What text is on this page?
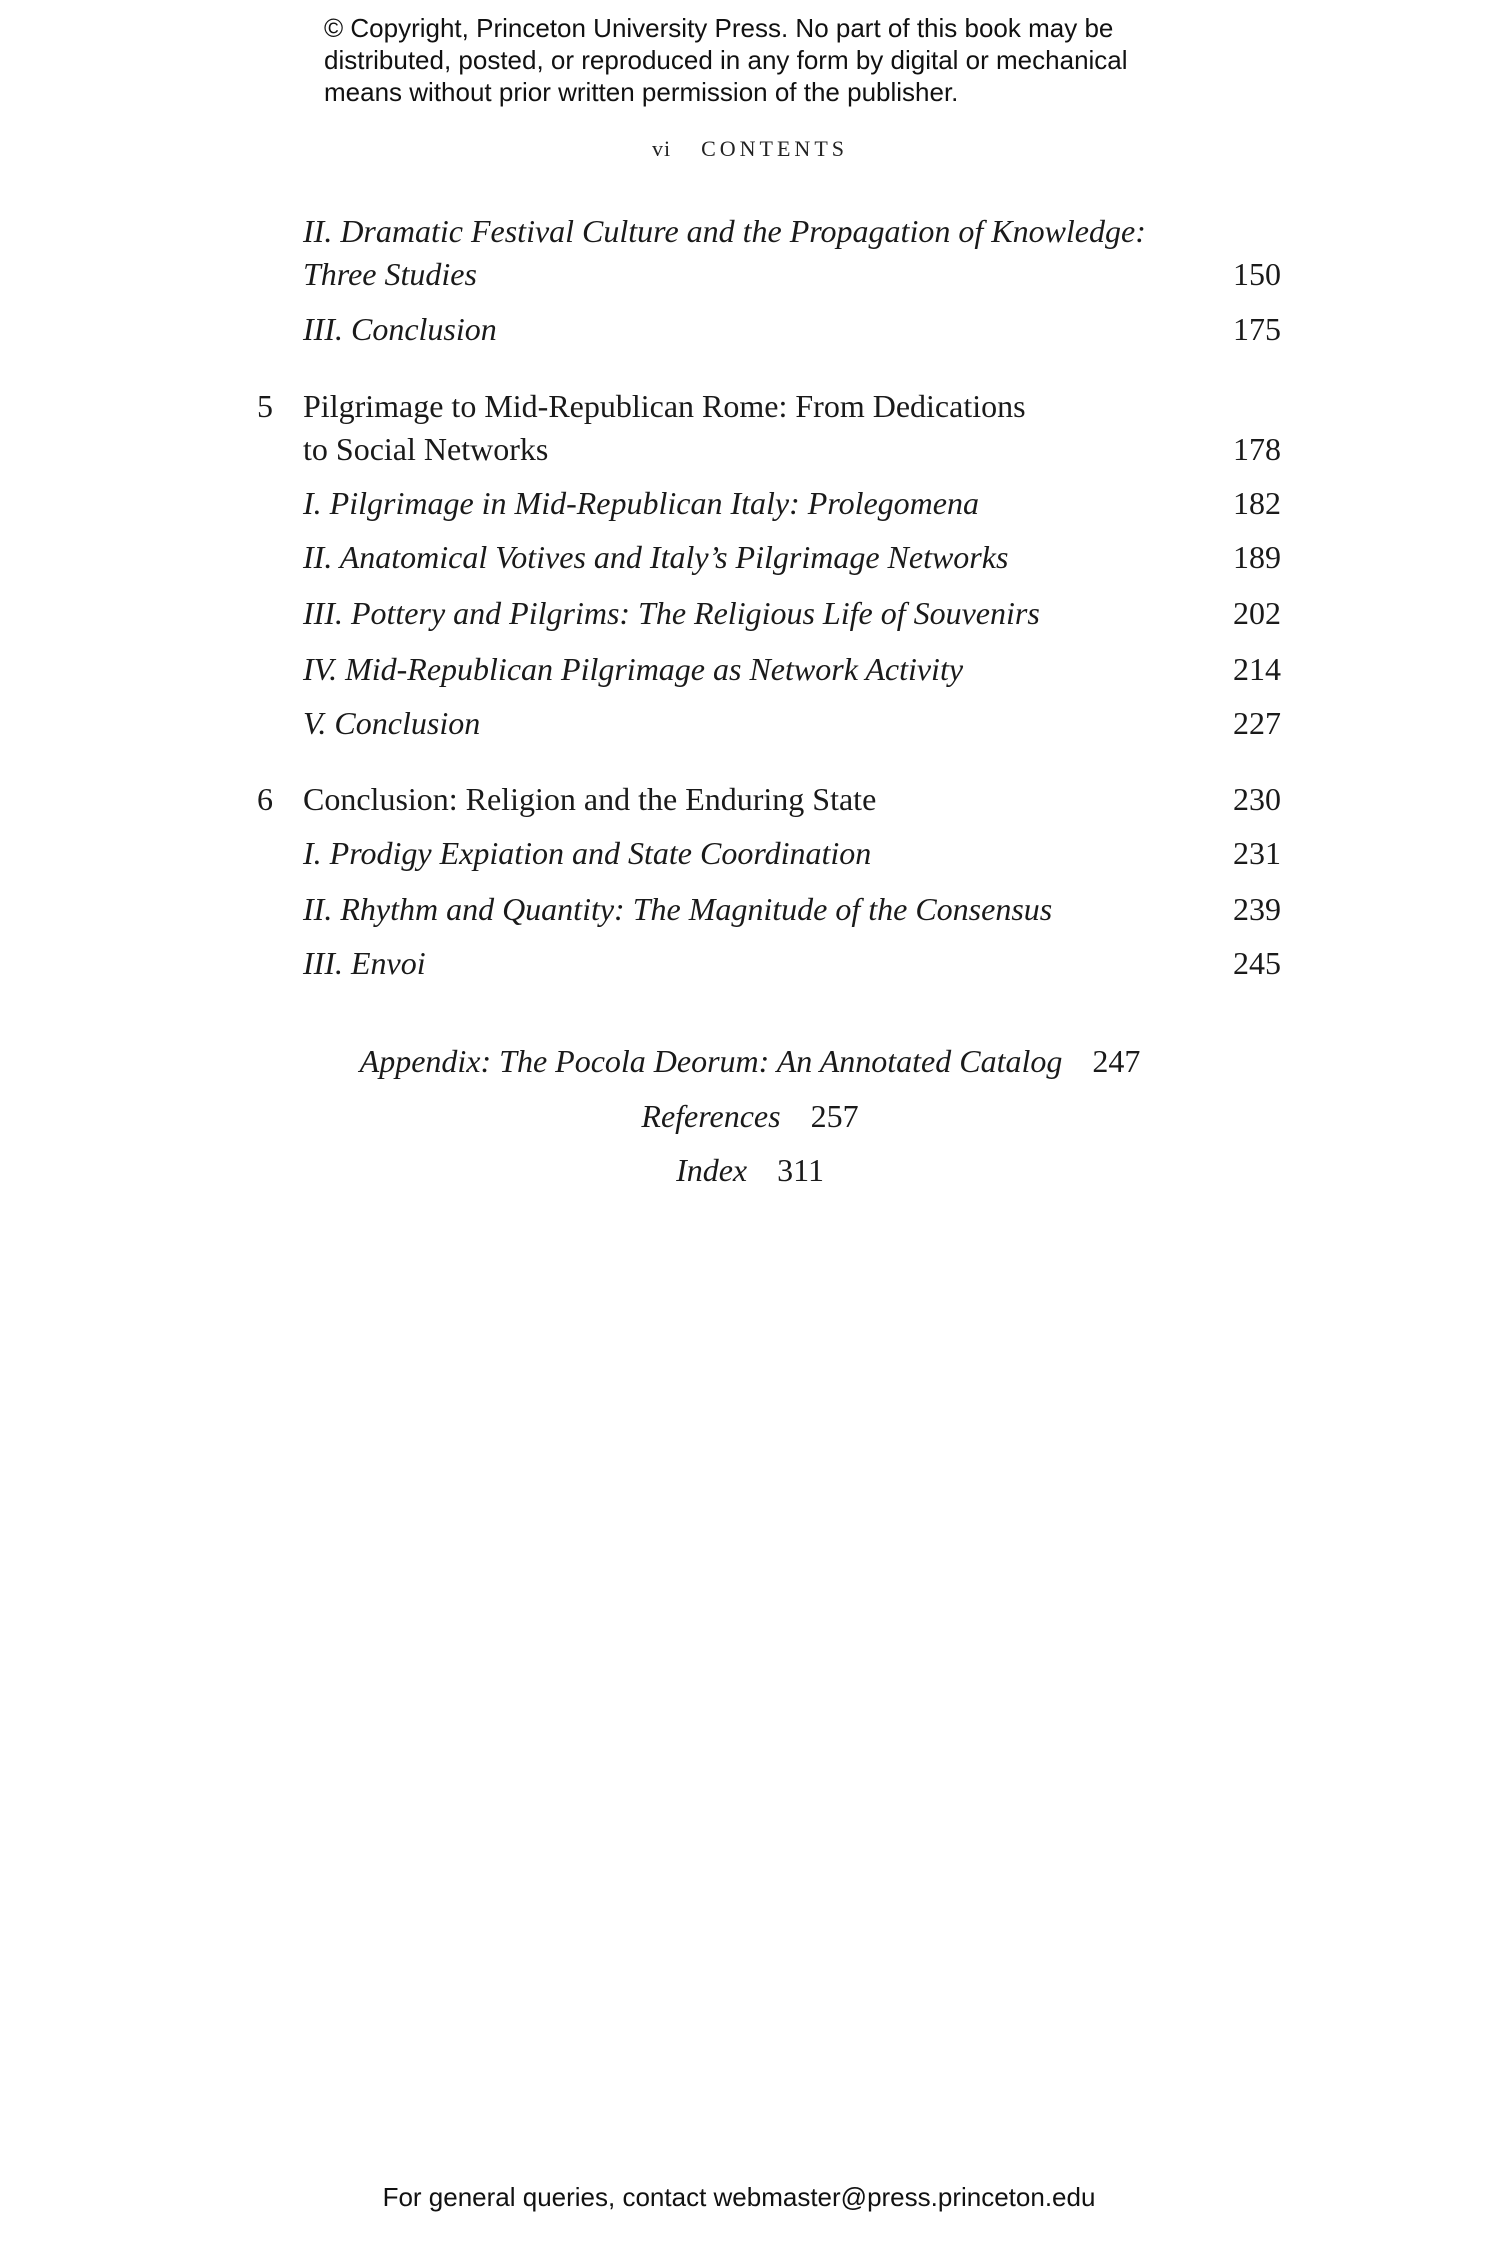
© Copyright, Princeton University Press. No part of this book may be
distributed, posted, or reproduced in any form by digital or mechanical
means without prior written permission of the publisher.
vi CONTENTS
II. Dramatic Festival Culture and the Propagation of Knowledge:
Three Studies	150
III. Conclusion	175
5 Pilgrimage to Mid-Republican Rome: From Dedications
to Social Networks	178
I. Pilgrimage in Mid-Republican Italy: Prolegomena	182
II. Anatomical Votives and Italy’s Pilgrimage Networks	189
III. Pottery and Pilgrims: The Religious Life of Souvenirs	202
IV. Mid-Republican Pilgrimage as Network Activity	214
V. Conclusion	227
6 Conclusion: Religion and the Enduring State	230
I. Prodigy Expiation and State Coordination	231
II. Rhythm and Quantity: The Magnitude of the Consensus	239
III. Envoi	245
Appendix: The Pocola Deorum: An Annotated Catalog 247
References 257
Index 311
For general queries, contact webmaster@press.princeton.edu
